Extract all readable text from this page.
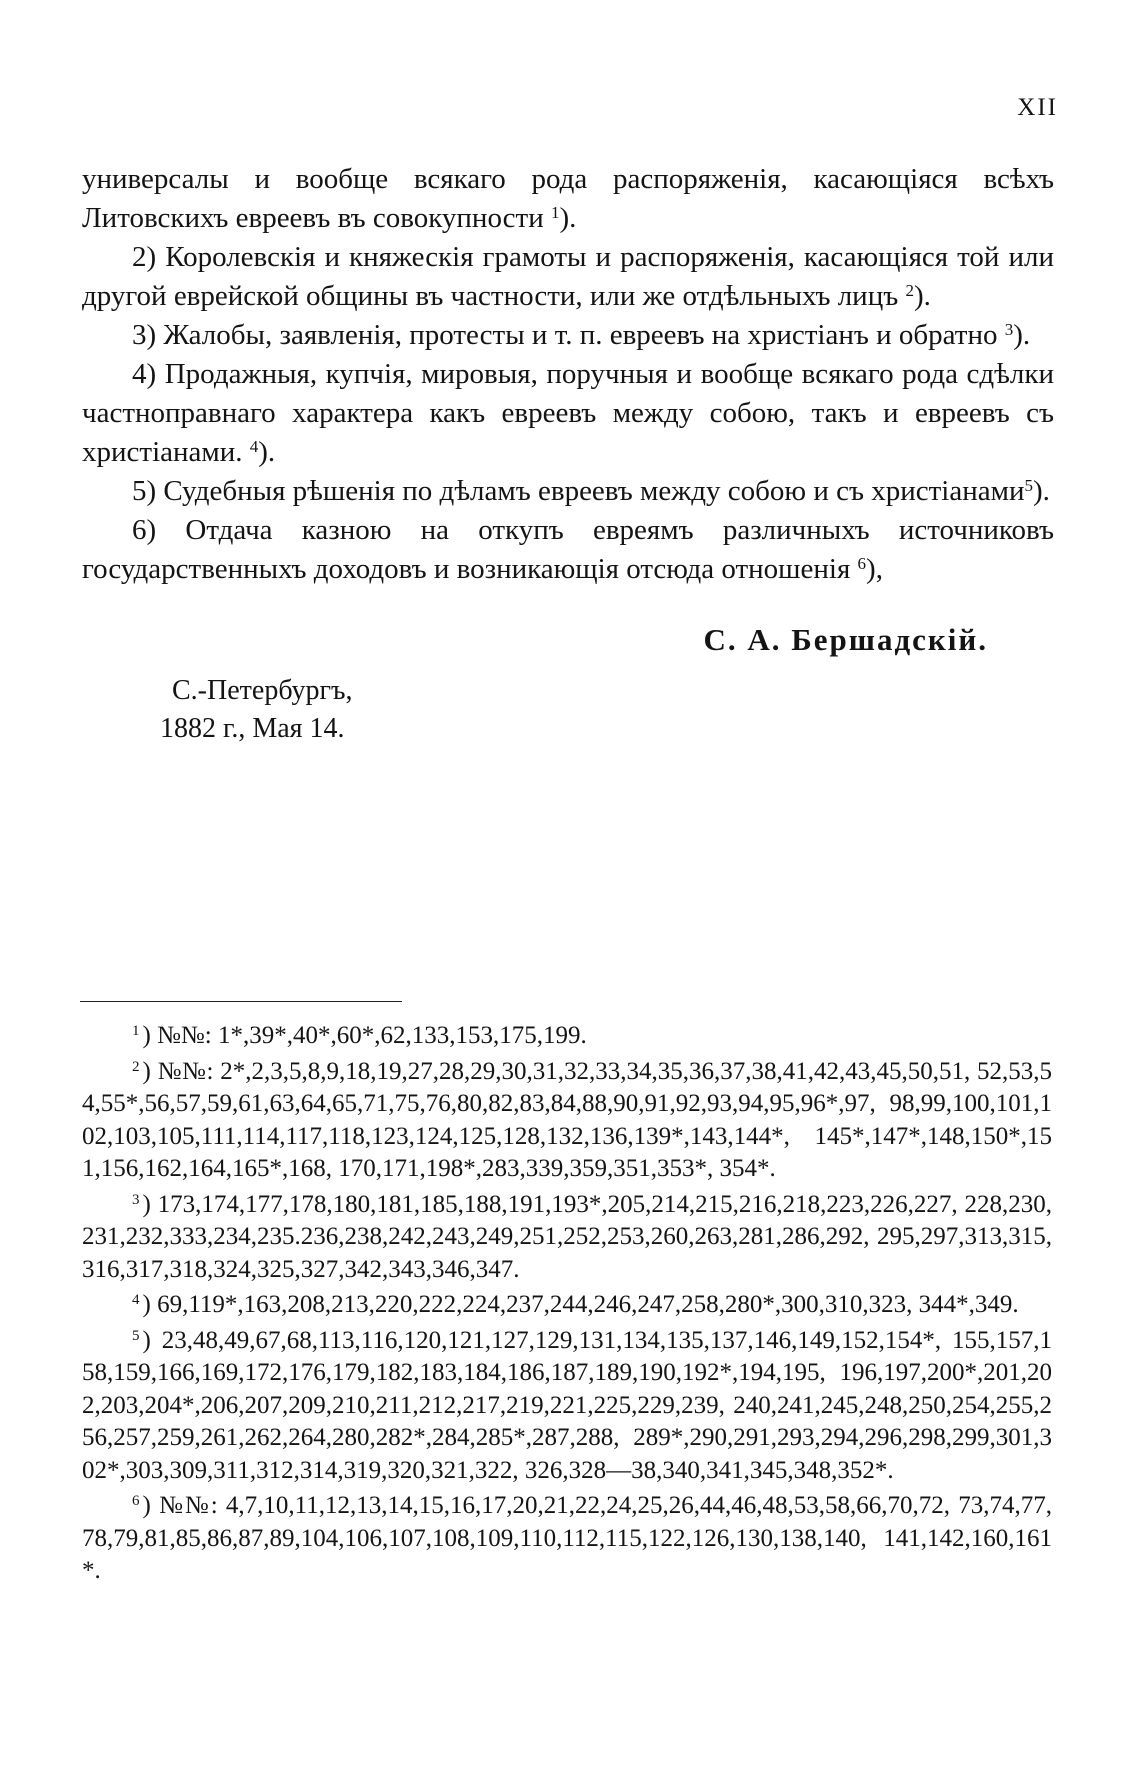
XII

универсалы и вообще всякаго рода распоряженія, касающіяся всѣхъ Литовскихъ евреевъ въ совокупности $^1$).

2) Королевскія и княжескія грамоты и распоряженія, касающіяся той или другой еврейской общины въ частности, или же отдѣльныхъ лицъ $^2$).

3) Жалобы, заявленія, протесты и т. п. евреевъ на христіанъ и обратно $^3$).

4) Продажныя, купчія, мировыя, поручныя и вообще всякаго рода сдѣлки частноправнаго характера какъ евреевъ между собою, такъ и евреевъ съ христіанами. $^4$).

5) Судебныя рѣшенія по дѣламъ евреевъ между собою и съ христіанами$^5$).

6) Отдача казною на откупъ евреямъ различныхъ источниковъ государственныхъ доходовъ и возникающія отсюда отношенія $^6$),

С. А. Бершадскій.
С.-Петербургъ,
1882 г., Мая 14.

$^1$ ) №№: 1*,39*,40*,60*,62,133,153,175,199.

$^2$ ) №№: 2*,2,3,5,8,9,18,19,27,28,29,30,31,32,33,34,35,36,37,38,41,42,43,45,50,51, 52,53,54,55*,56,57,59,61,63,64,65,71,75,76,80,82,83,84,88,90,91,92,93,94,95,96*,97, 98,99,100,101,102,103,105,111,114,117,118,123,124,125,128,132,136,139*,143,144*, 145*,147*,148,150*,151,156,162,164,165*,168, 170,171,198*,283,339,359,351,353*, 354*.

$^3$ ) 173,174,177,178,180,181,185,188,191,193*,205,214,215,216,218,223,226,227, 228,230,231,232,333,234,235.236,238,242,243,249,251,252,253,260,263,281,286,292, 295,297,313,315,316,317,318,324,325,327,342,343,346,347.

$^4$ ) 69,119*,163,208,213,220,222,224,237,244,246,247,258,280*,300,310,323, 344*,349.

$^5$ ) 23,48,49,67,68,113,116,120,121,127,129,131,134,135,137,146,149,152,154*, 155,157,158,159,166,169,172,176,179,182,183,184,186,187,189,190,192*,194,195, 196,197,200*,201,202,203,204*,206,207,209,210,211,212,217,219,221,225,229,239, 240,241,245,248,250,254,255,256,257,259,261,262,264,280,282*,284,285*,287,288, 289*,290,291,293,294,296,298,299,301,302*,303,309,311,312,314,319,320,321,322, 326,328—38,340,341,345,348,352*.

$^6$ ) №№: 4,7,10,11,12,13,14,15,16,17,20,21,22,24,25,26,44,46,48,53,58,66,70,72, 73,74,77,78,79,81,85,86,87,89,104,106,107,108,109,110,112,115,122,126,130,138,140, 141,142,160,161*.
